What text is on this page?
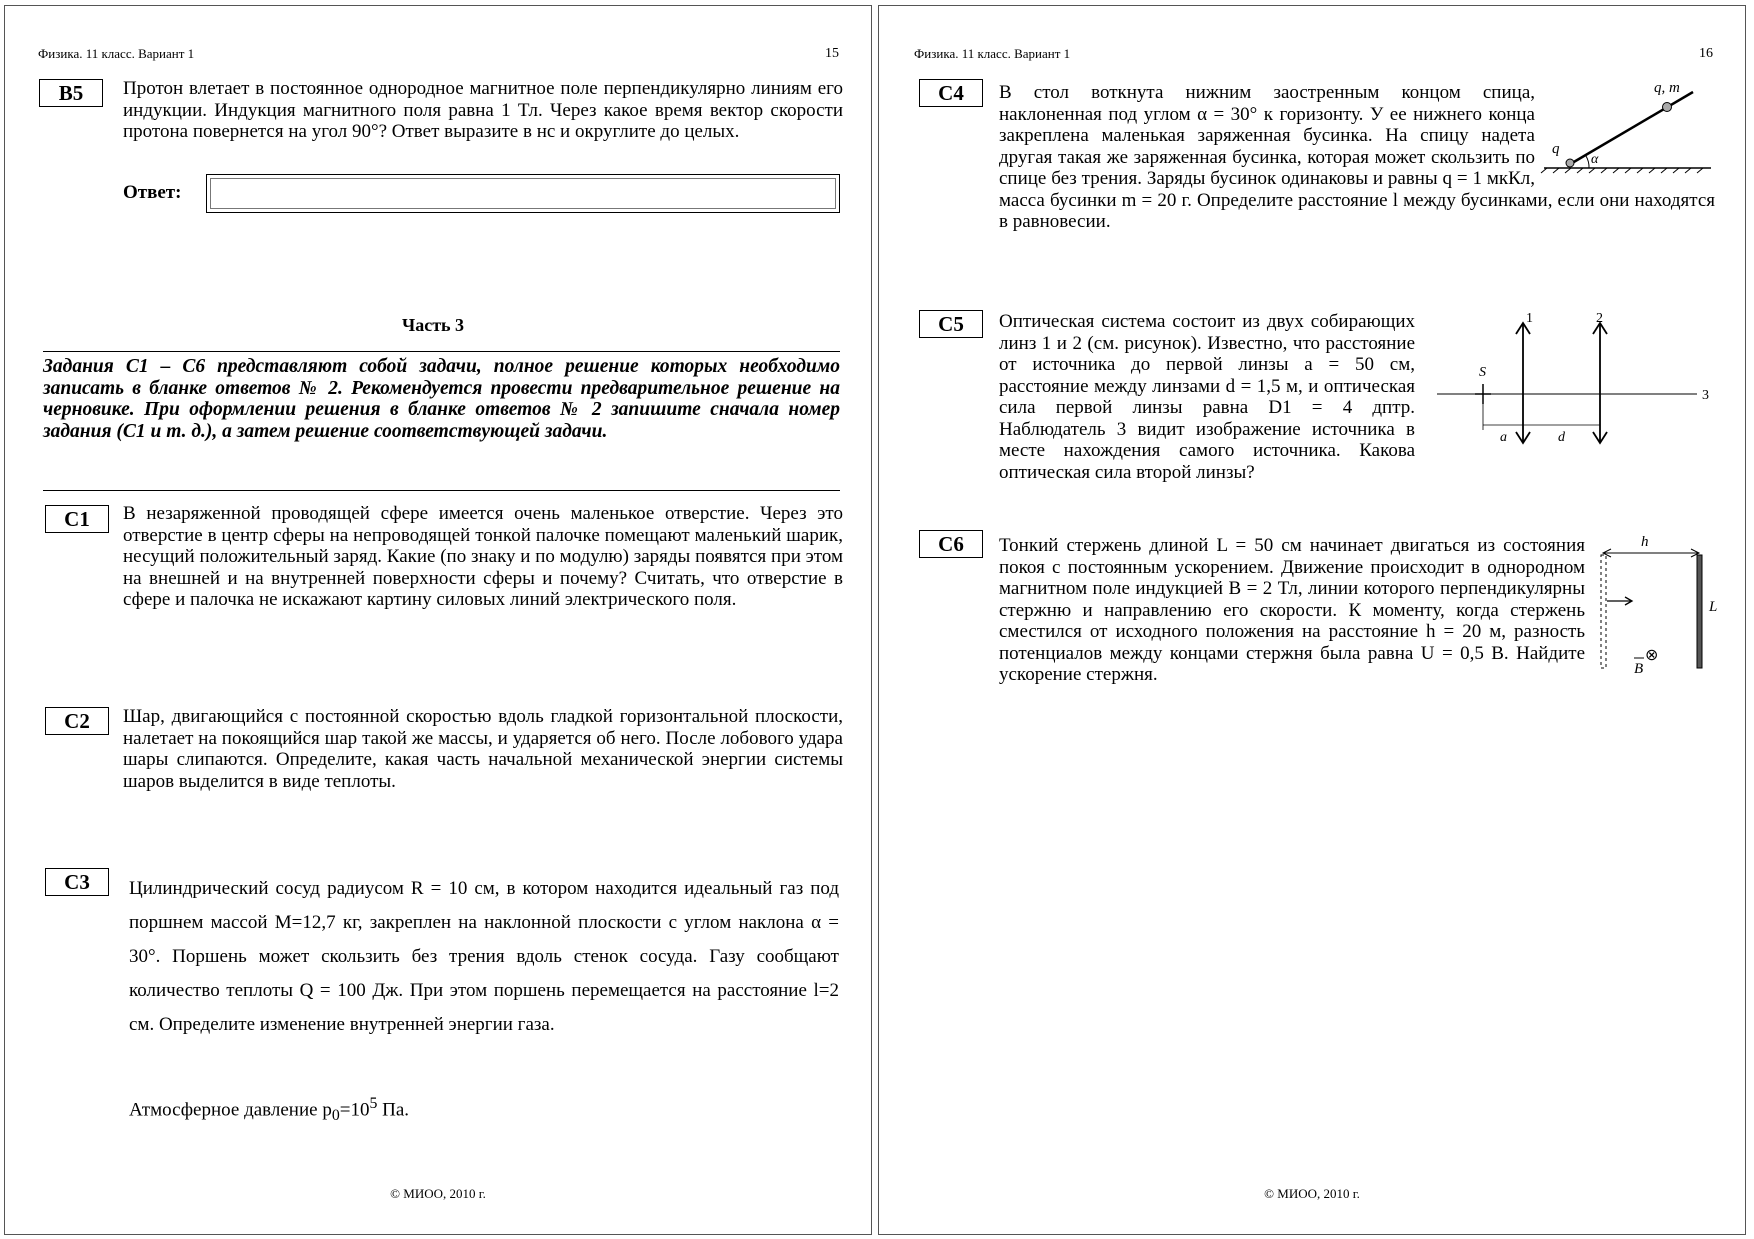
Физика. 11 класс. Вариант 1	15
В5	Протон влетает в постоянное однородное магнитное поле перпендикулярно линиям его индукции. Индукция магнитного поля равна 1 Тл. Через какое время вектор скорости протона повернется на угол 90°? Ответ выразите в нс и округлите до целых.
Ответ:
Часть 3
Задания С1 – С6 представляют собой задачи, полное решение которых необходимо записать в бланке ответов № 2. Рекомендуется провести предварительное решение на черновике. При оформлении решения в бланке ответов № 2 запишите сначала номер задания (С1 и т. д.), а затем решение соответствующей задачи.
С1	В незаряженной проводящей сфере имеется очень маленькое отверстие. Через это отверстие в центр сферы на непроводящей тонкой палочке помещают маленький шарик, несущий положительный заряд. Какие (по знаку и по модулю) заряды появятся при этом на внешней и на внутренней поверхности сферы и почему? Считать, что отверстие в сфере и палочка не искажают картину силовых линий электрического поля.
С2	Шар, двигающийся с постоянной скоростью вдоль гладкой горизонтальной плоскости, налетает на покоящийся шар такой же массы, и ударяется об него. После лобового удара шары слипаются. Определите, какая часть начальной механической энергии системы шаров выделится в виде теплоты.
С3	Цилиндрический сосуд радиусом R = 10 см, в котором находится идеальный газ под поршнем массой M=12,7 кг, закреплен на наклонной плоскости с углом наклона α = 30°. Поршень может скользить без трения вдоль стенок сосуда. Газу сообщают количество теплоты Q = 100 Дж. При этом поршень перемещается на расстояние l=2 см. Определите изменение внутренней энергии газа.
Атмосферное давление $p_0=10^5$ Па.
© МИОО, 2010 г.
Физика. 11 класс. Вариант 1	16
С4	В стол воткнута нижним заостренным концом спица, наклоненная под углом α = 30° к горизонту. У ее нижнего конца закреплена маленькая заряженная бусинка. На спицу надета другая такая же заряженная бусинка, которая может скользить по спице без трения. Заряды бусинок одинаковы и равны q = 1 мкКл, масса бусинки m = 20 г. Определите расстояние l между бусинками, если они находятся в равновесии.
q, m
q
α
С5	Оптическая система состоит из двух собирающих линз 1 и 2 (см. рисунок). Известно, что расстояние от источника до первой линзы a = 50 см, расстояние между линзами d = 1,5 м, и оптическая сила первой линзы равна D1 = 4 дптр. Наблюдатель 3 видит изображение источника в месте нахождения самого источника. Какова оптическая сила второй линзы?
1	2
3
S
a	d
С6	Тонкий стержень длиной L = 50 см начинает двигаться из состояния покоя с постоянным ускорением. Движение происходит в однородном магнитном поле индукцией B = 2 Тл, линии которого перпендикулярны стержню и направлению его скорости. К моменту, когда стержень сместился от исходного положения на расстояние h = 20 м, разность потенциалов между концами стержня была равна U = 0,5 В. Найдите ускорение стержня.
h
L
B
⊗
© МИОО, 2010 г.
